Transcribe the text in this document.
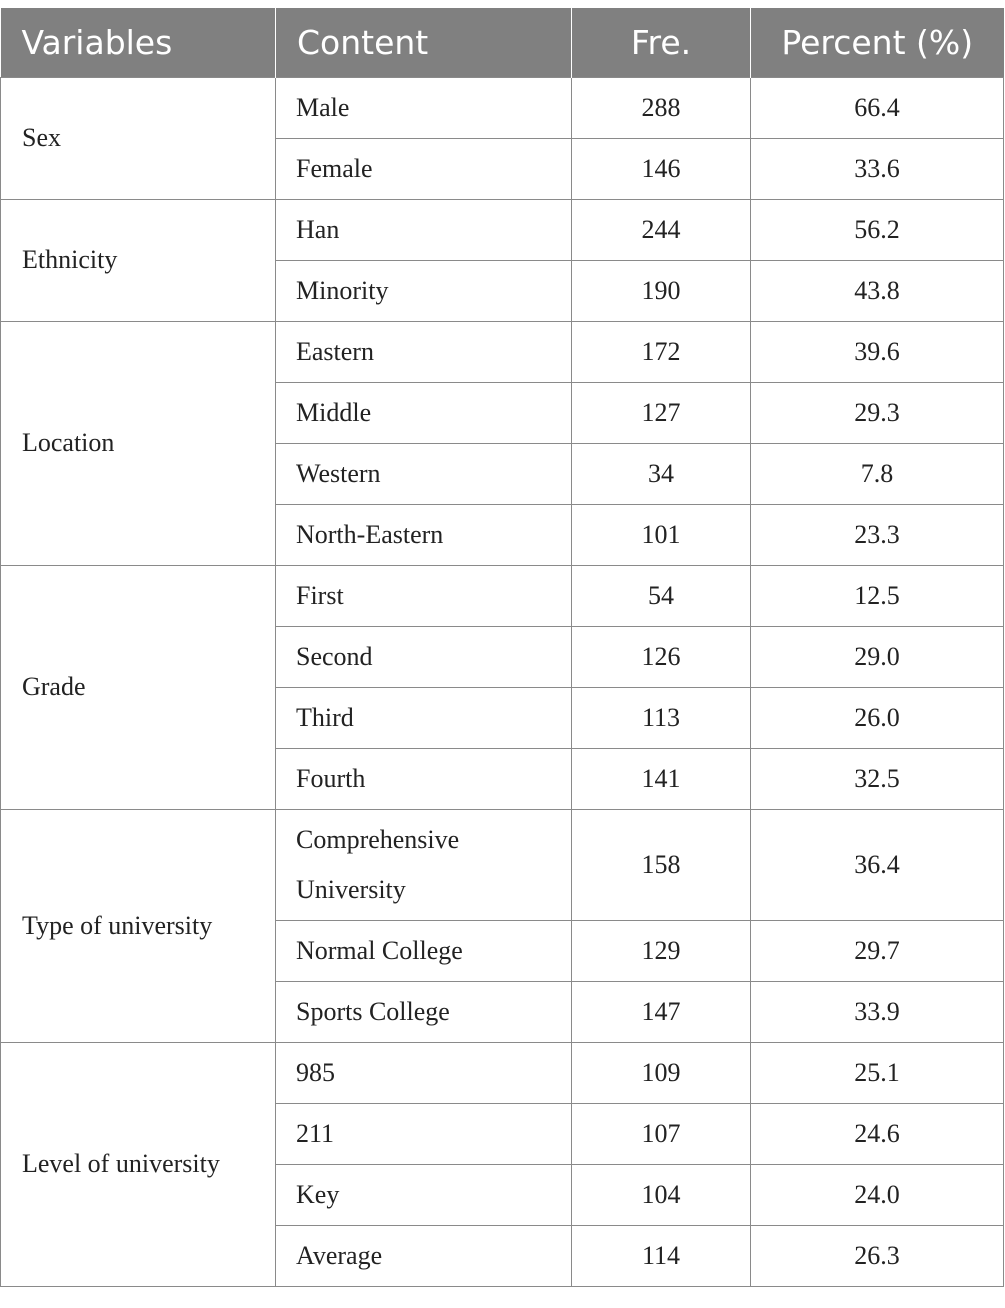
Variables	Content	Fre.	Percent (%)
Sex	Male	288	66.4
	Female	146	33.6
Ethnicity	Han	244	56.2
	Minority	190	43.8
Location	Eastern	172	39.6
	Middle	127	29.3
	Western	34	7.8
	North-Eastern	101	23.3
Grade	First	54	12.5
	Second	126	29.0
	Third	113	26.0
	Fourth	141	32.5
Type of university	Comprehensive University	158	36.4
	Normal College	129	29.7
	Sports College	147	33.9
Level of university	985	109	25.1
	211	107	24.6
	Key	104	24.0
	Average	114	26.3
